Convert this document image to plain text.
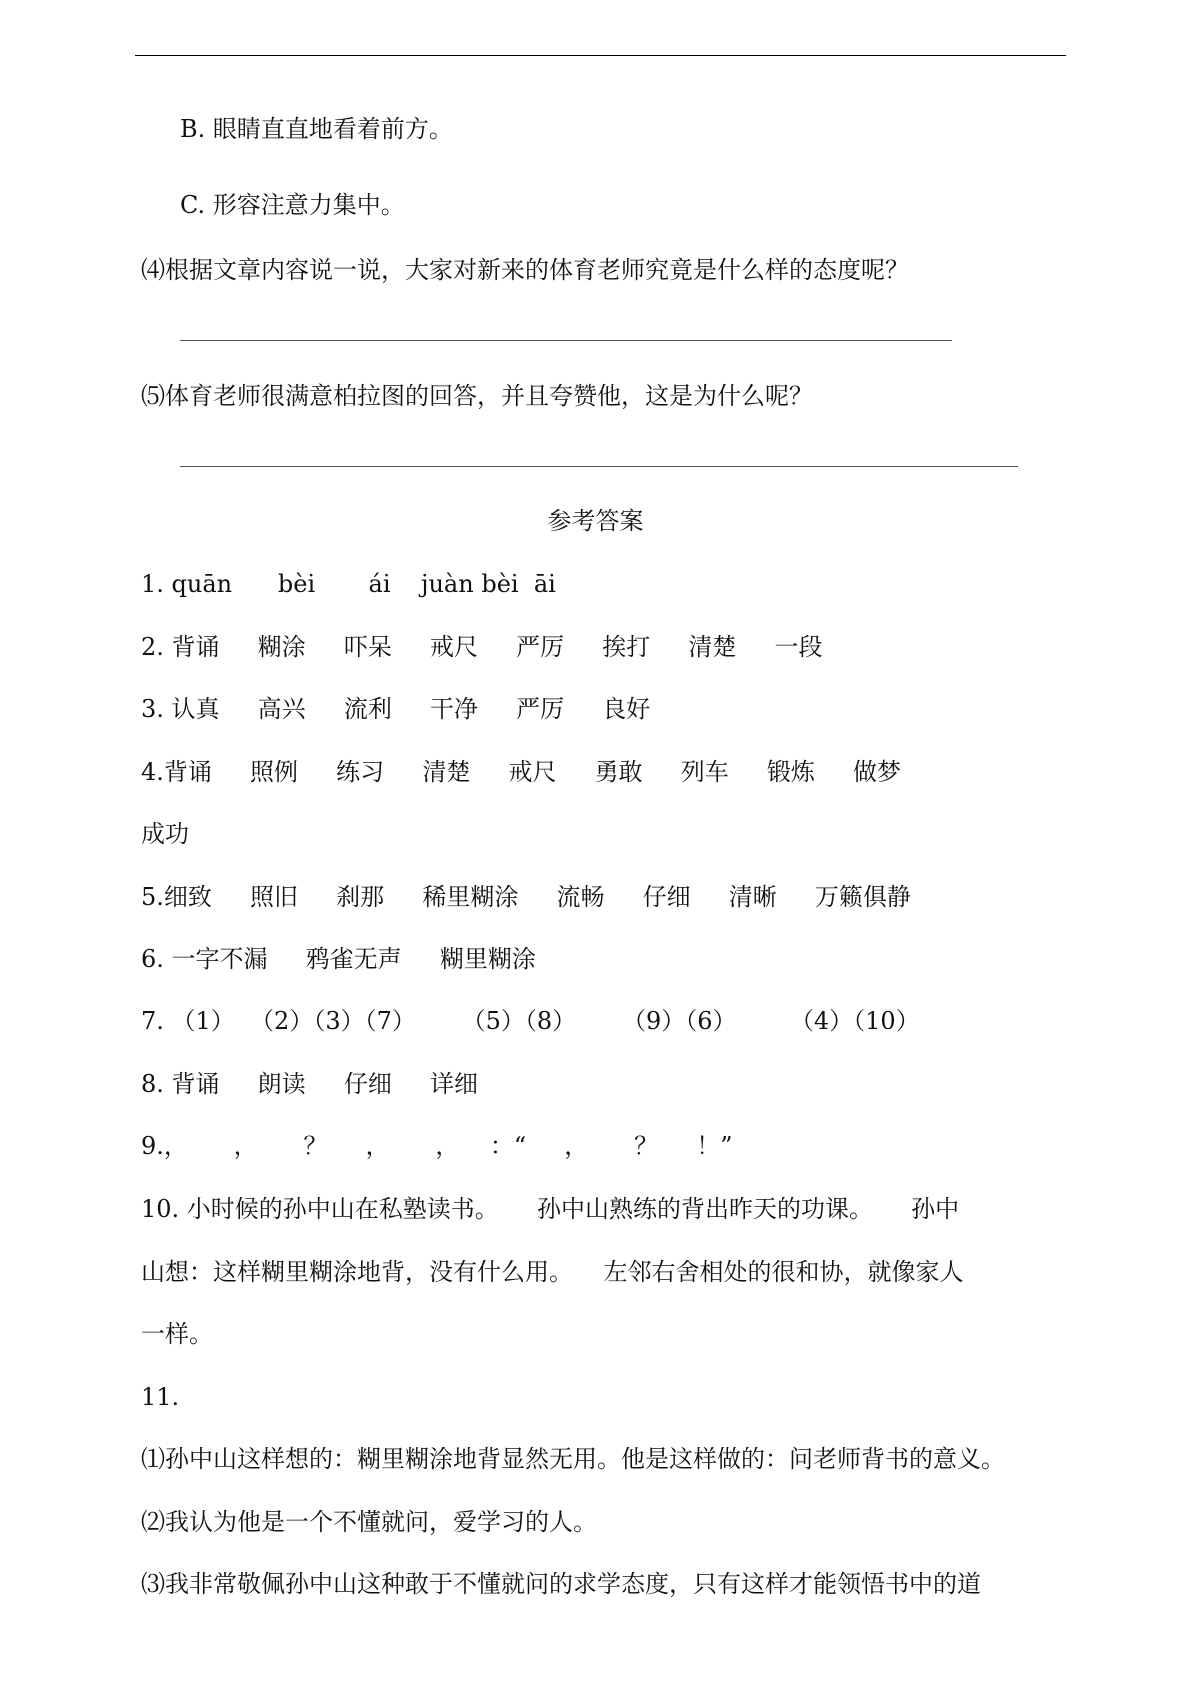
B. 眼睛直直地看着前方。
C. 形容注意力集中。
⑷根据文章内容说一说，大家对新来的体育老师究竟是什么样的态度呢？
⑸体育老师很满意柏拉图的回答，并且夸赞他，这是为什么呢？
参考答案
1. quān      bèi       ái    juàn bèi  āi
2. 背诵     糊涂     吓呆     戒尺     严厉     挨打     清楚     一段
3. 认真     高兴     流利     干净     严厉     良好
4.背诵     照例     练习     清楚     戒尺     勇敢     列车     锻炼     做梦
成功
5.细致     照旧     刹那     稀里糊涂     流畅     仔细     清晰     万籁俱静
6. 一字不漏     鸦雀无声     糊里糊涂
7. （1）  （2）（3）（7）      （5）（8）      （9）（6）       （4）（10）
8. 背诵     朗读     仔细     详细
9.，      ，      ？     ，      ，    ：“     ，      ？     ！”
10. 小时候的孙中山在私塾读书。     孙中山熟练的背出昨天的功课。     孙中
山想：这样糊里糊涂地背，没有什么用。    左邻右舍相处的很和协，就像家人
一样。
11.
⑴孙中山这样想的：糊里糊涂地背显然无用。他是这样做的：问老师背书的意义。
⑵我认为他是一个不懂就问，爱学习的人。
⑶我非常敬佩孙中山这种敢于不懂就问的求学态度，只有这样才能领悟书中的道
